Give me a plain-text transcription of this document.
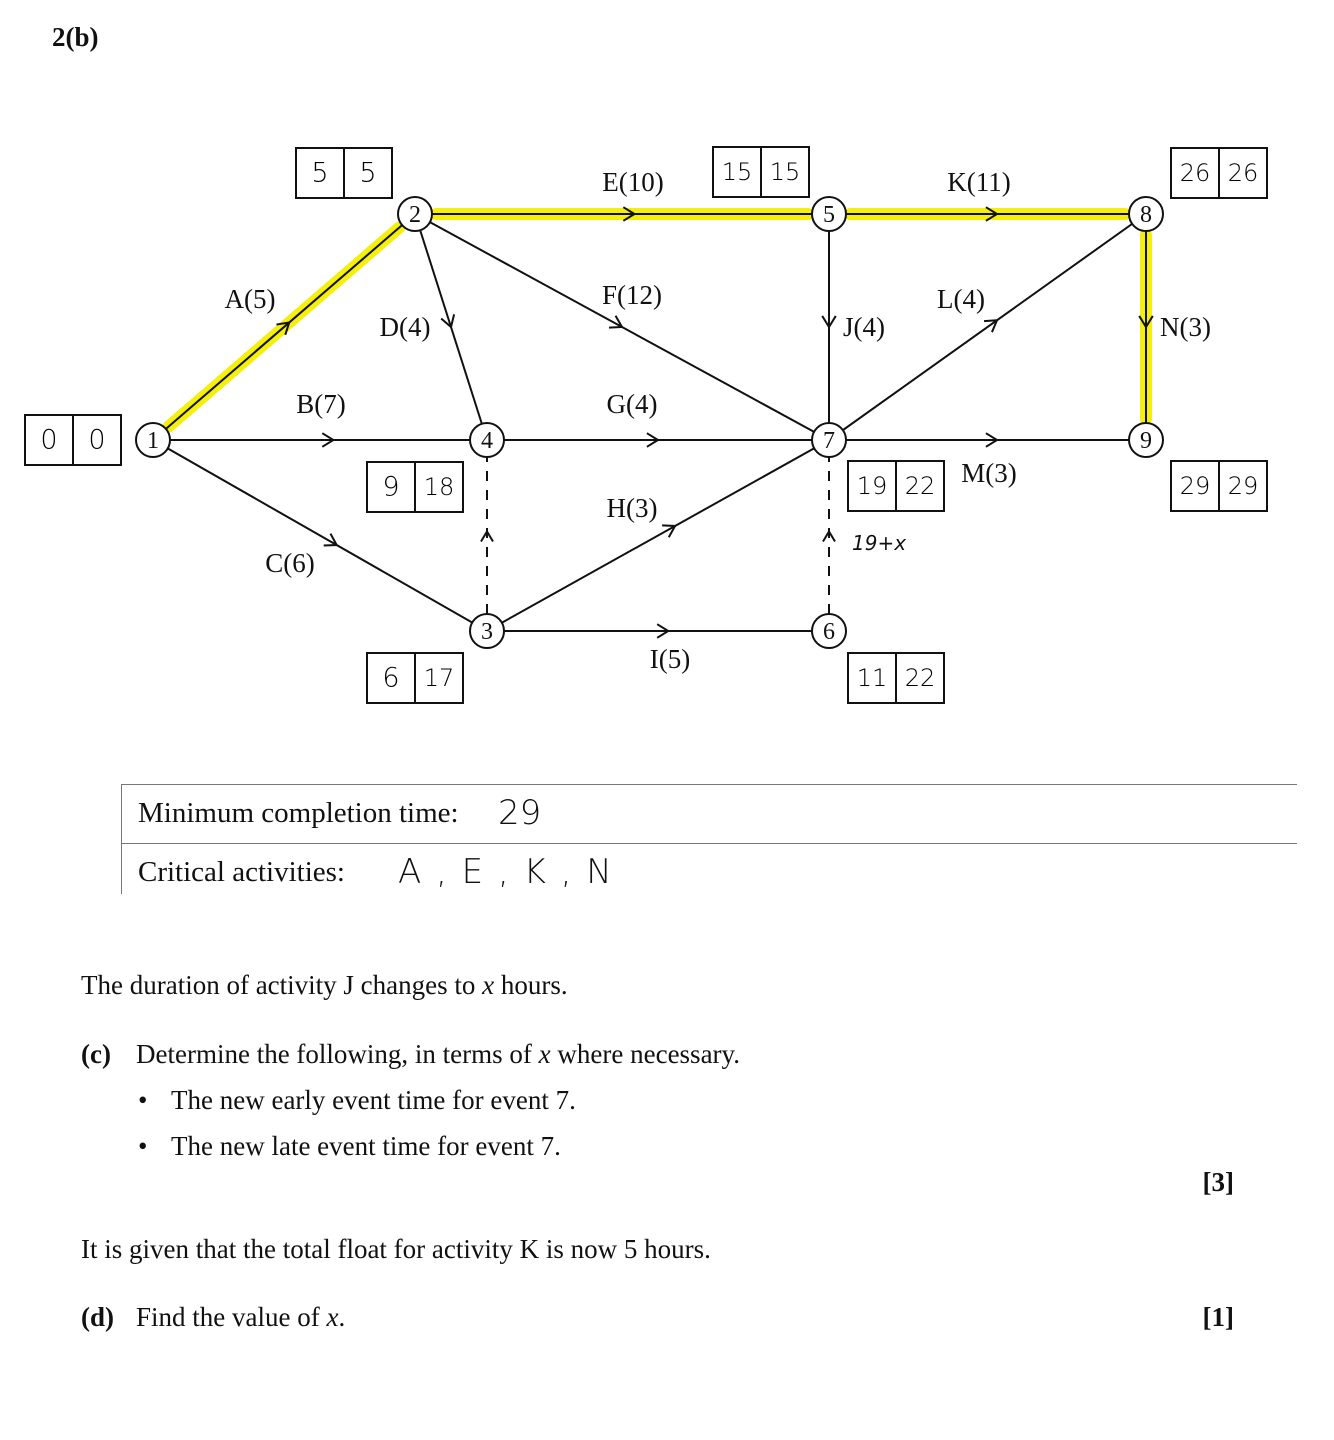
2(b)
A(5)
B(7)
C(6)
D(4)
E(10)
F(12)
G(4)
H(3)
I(5)
J(4)
K(11)
L(4)
M(3)
N(3)
1
2
3
4
5
6
7
8
9
0 0
5 5
6 17
9 18
15 15
11 22
19 22
26 26
29 29
19+x
Minimum completion time: 29
Critical activities: A , E , K , N
The duration of activity J changes to x hours.
(c) Determine the following, in terms of x where necessary.
• The new early event time for event 7.
• The new late event time for event 7.
[3]
It is given that the total float for activity K is now 5 hours.
(d) Find the value of x.	[1]
